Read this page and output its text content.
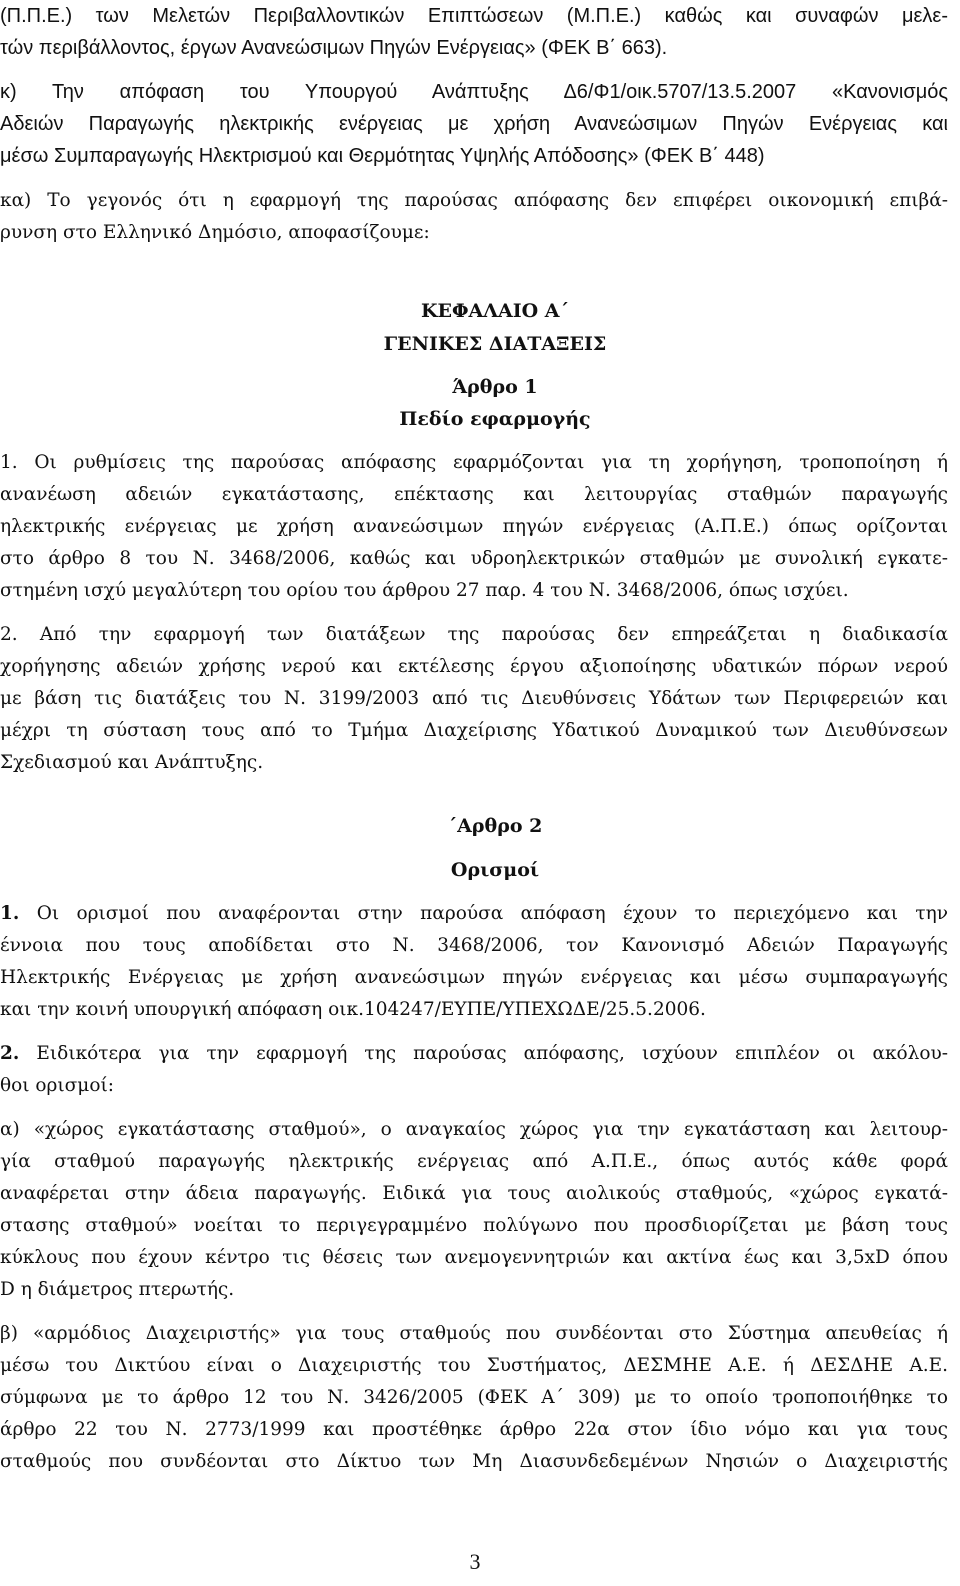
(Π.Π.Ε.) των Μελετών Περιβαλλοντικών Επιπτώσεων (Μ.Π.Ε.) καθώς και συναφών μελε-
τών περιβάλλοντος, έργων Ανανεώσιμων Πηγών Ενέργειας» (ΦΕΚ Β΄ 663).
κ) Την απόφαση του Υπουργού Ανάπτυξης Δ6/Φ1/οικ.5707/13.5.2007 «Κανονισμός
Αδειών Παραγωγής ηλεκτρικής ενέργειας με χρήση Ανανεώσιμων Πηγών Ενέργειας και
μέσω Συμπαραγωγής Ηλεκτρισμού και Θερμότητας Υψηλής Απόδοσης» (ΦΕΚ Β΄ 448)
κα) Το γεγονός ότι η εφαρμογή της παρούσας απόφασης δεν επιφέρει οικονομική επιβά-
ρυνση στο Ελληνικό Δημόσιο, αποφασίζουμε:
ΚΕΦΑΛΑΙΟ Α΄
ΓΕΝΙΚΕΣ ΔΙΑΤΑΞΕΙΣ
Άρθρο 1
Πεδίο εφαρμογής
1. Οι ρυθμίσεις της παρούσας απόφασης εφαρμόζονται για τη χορήγηση, τροποποίηση ή
ανανέωση αδειών εγκατάστασης, επέκτασης και λειτουργίας σταθμών παραγωγής
ηλεκτρικής ενέργειας με χρήση ανανεώσιμων πηγών ενέργειας (Α.Π.Ε.) όπως ορίζονται
στο άρθρο 8 του Ν. 3468/2006, καθώς και υδροηλεκτρικών σταθμών με συνολική εγκατε-
στημένη ισχύ μεγαλύτερη του ορίου του άρθρου 27 παρ. 4 του Ν. 3468/2006, όπως ισχύει.
2. Από την εφαρμογή των διατάξεων της παρούσας δεν επηρεάζεται η διαδικασία
χορήγησης αδειών χρήσης νερού και εκτέλεσης έργου αξιοποίησης υδατικών πόρων νερού
με βάση τις διατάξεις του Ν. 3199/2003 από τις Διευθύνσεις Υδάτων των Περιφερειών και
μέχρι τη σύσταση τους από το Τμήμα Διαχείρισης Υδατικού Δυναμικού των Διευθύνσεων
Σχεδιασμού και Ανάπτυξης.
΄Αρθρο 2
Ορισμοί
1. Οι ορισμοί που αναφέρονται στην παρούσα απόφαση έχουν το περιεχόμενο και την
έννοια που τους αποδίδεται στο Ν. 3468/2006, τον Κανονισμό Αδειών Παραγωγής
Ηλεκτρικής Ενέργειας με χρήση ανανεώσιμων πηγών ενέργειας και μέσω συμπαραγωγής
και την κοινή υπουργική απόφαση οικ.104247/ΕΥΠΕ/ΥΠΕΧΩΔΕ/25.5.2006.
2. Ειδικότερα για την εφαρμογή της παρούσας απόφασης, ισχύουν επιπλέον οι ακόλου-
θοι ορισμοί:
α) «χώρος εγκατάστασης σταθμού», ο αναγκαίος χώρος για την εγκατάσταση και λειτουρ-
γία σταθμού παραγωγής ηλεκτρικής ενέργειας από Α.Π.Ε., όπως αυτός κάθε φορά
αναφέρεται στην άδεια παραγωγής. Ειδικά για τους αιολικούς σταθμούς, «χώρος εγκατά-
στασης σταθμού» νοείται το περιγεγραμμένο πολύγωνο που προσδιορίζεται με βάση τους
κύκλους που έχουν κέντρο τις θέσεις των ανεμογεννητριών και ακτίνα έως και 3,5xD όπου
D η διάμετρος πτερωτής.
β) «αρμόδιος Διαχειριστής» για τους σταθμούς που συνδέονται στο Σύστημα απευθείας ή
μέσω του Δικτύου είναι ο Διαχειριστής του Συστήματος, ΔΕΣΜΗΕ Α.Ε. ή ΔΕΣΔΗΕ Α.Ε.
σύμφωνα με το άρθρο 12 του Ν. 3426/2005 (ΦΕΚ Α΄ 309) με το οποίο τροποποιήθηκε το
άρθρο 22 του Ν. 2773/1999 και προστέθηκε άρθρο 22α στον ίδιο νόμο και για τους
σταθμούς που συνδέονται στο Δίκτυο των Μη Διασυνδεδεμένων Νησιών ο Διαχειριστής
3
